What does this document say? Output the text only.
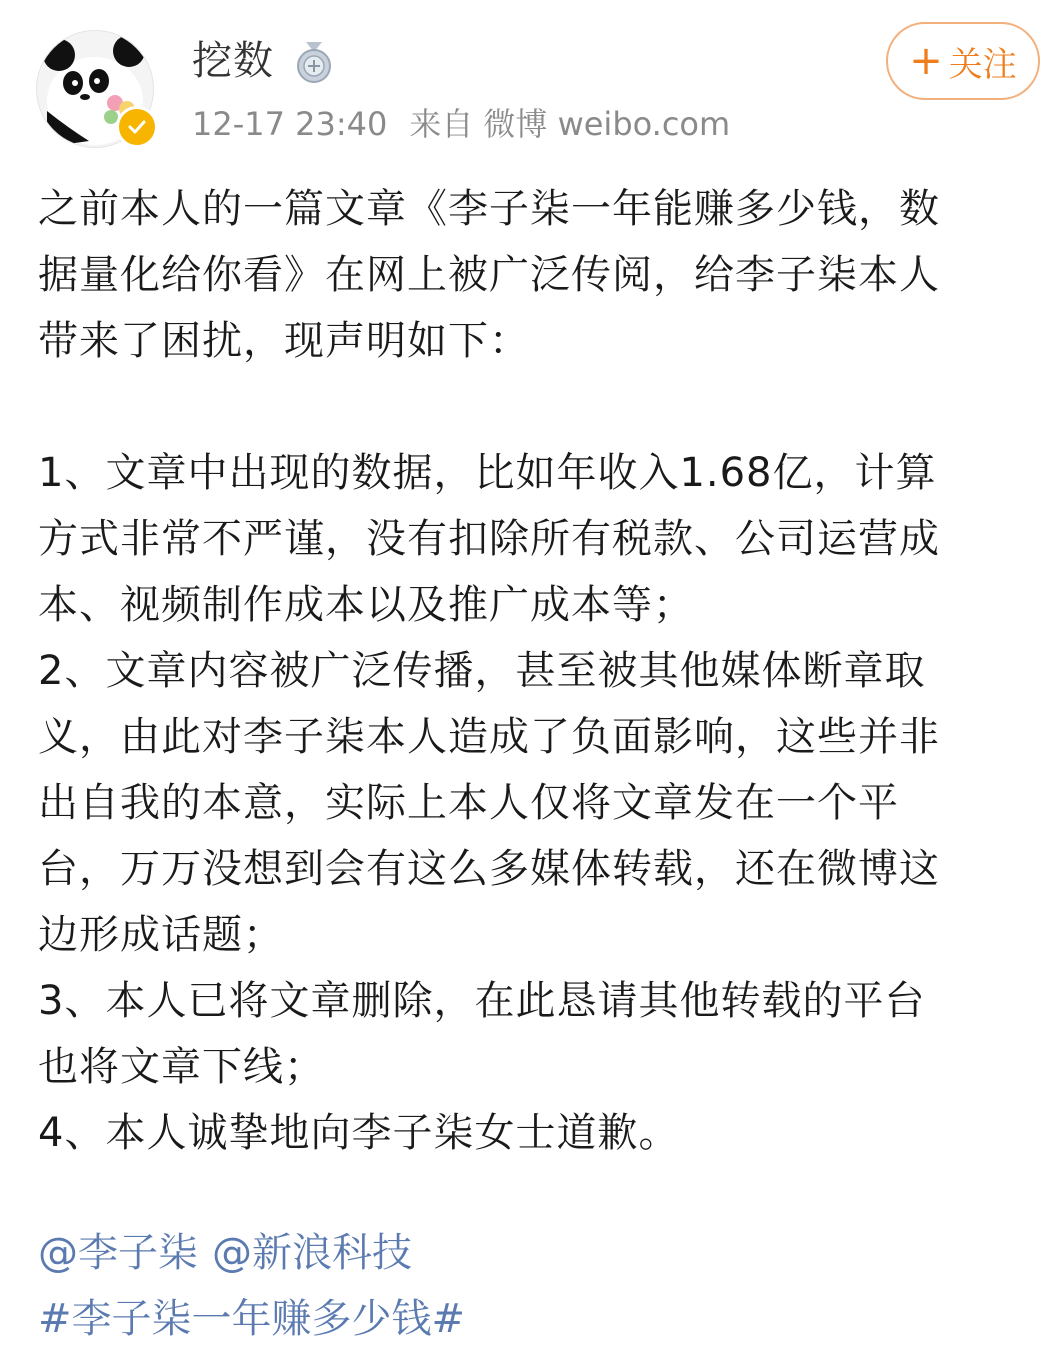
挖数
12-17 23:40 来自 微博 weibo.com
+ 关注

之前本人的一篇文章《李子柒一年能赚多少钱，数

据量化给你看》在网上被广泛传阅，给李子柒本人

带来了困扰，现声明如下：

1、文章中出现的数据，比如年收入1.68亿，计算

方式非常不严谨，没有扣除所有税款、公司运营成

本、视频制作成本以及推广成本等；

2、文章内容被广泛传播，甚至被其他媒体断章取

义，由此对李子柒本人造成了负面影响，这些并非

出自我的本意，实际上本人仅将文章发在一个平

台，万万没想到会有这么多媒体转载，还在微博这

边形成话题；

3、本人已将文章删除，在此恳请其他转载的平台

也将文章下线；

4、本人诚挚地向李子柒女士道歉。

@李子柒 @新浪科技
#李子柒一年赚多少钱#
